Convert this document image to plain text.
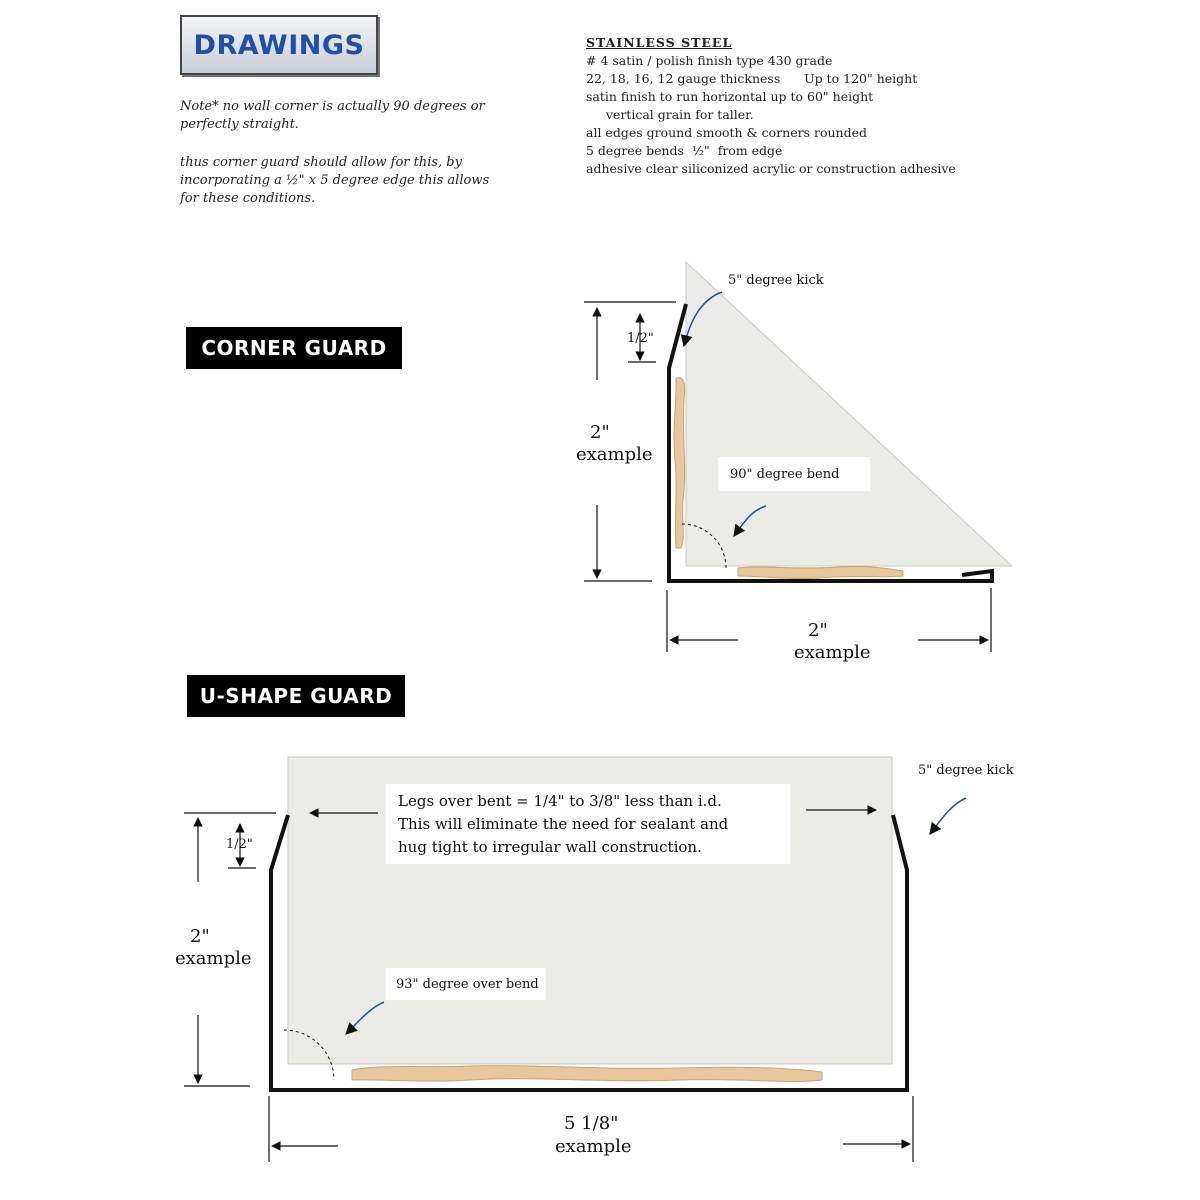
DRAWINGS
Note* no wall corner is actually 90 degrees or perfectly straight.
thus corner guard should allow for this, by incorporating a ½" x 5 degree edge this allows for these conditions.
STAINLESS STEEL
# 4 satin / polish finish type 430 grade
22, 18, 16, 12 gauge thickness      Up to 120" height
satin finish to run horizontal up to 60" height
vertical grain for taller.
all edges ground smooth & corners rounded
5 degree bends  ½"  from edge
adhesive clear siliconized acrylic or construction adhesive
CORNER GUARD
U-SHAPE GUARD
1/2"
2"
example
2"
example
5" degree kick
90" degree bend
1/2"
2"
example
5 1/8"
example
Legs over bent = 1/4" to 3/8" less than i.d.
This will eliminate the need for sealant and
hug tight to irregular wall construction.
5" degree kick
93" degree over bend
